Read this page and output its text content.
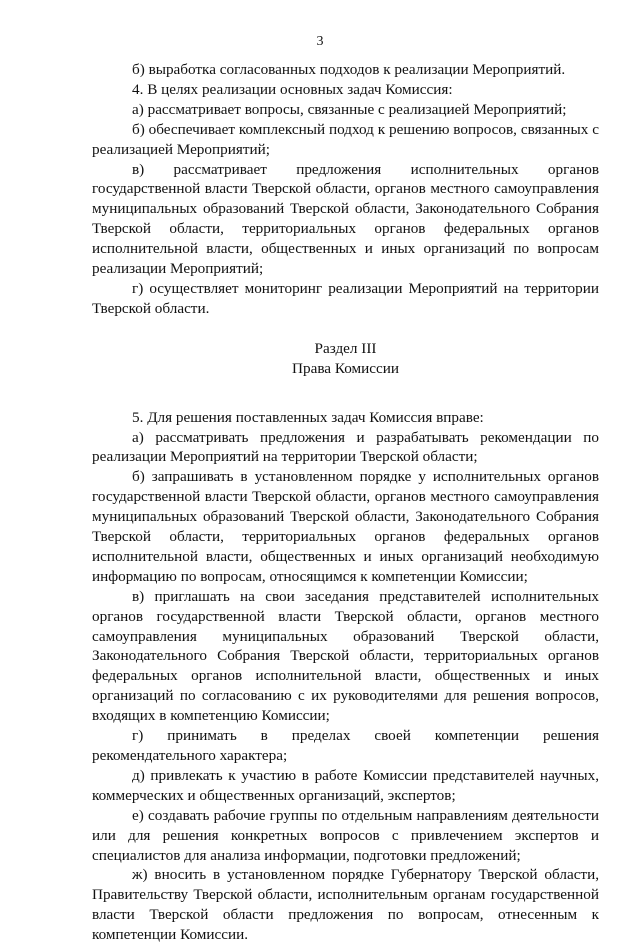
3

б) выработка согласованных подходов к реализации Мероприятий.

4. В целях реализации основных задач Комиссия:

а) рассматривает вопросы, связанные с реализацией Мероприятий;

б) обеспечивает комплексный подход к решению вопросов, связанных с реализацией Мероприятий;

в) рассматривает предложения исполнительных органов государственной власти Тверской области, органов местного самоуправления муниципальных образований Тверской области, Законодательного Собрания Тверской области, территориальных органов федеральных органов исполнительной власти, общественных и иных организаций по вопросам реализации Мероприятий;

г) осуществляет мониторинг реализации Мероприятий на территории Тверской области.

Раздел III

Права Комиссии

5. Для решения поставленных задач Комиссия вправе:

а) рассматривать предложения и разрабатывать рекомендации по реализации Мероприятий на территории Тверской области;

б) запрашивать в установленном порядке у исполнительных органов государственной власти Тверской области, органов местного самоуправления муниципальных образований Тверской области, Законодательного Собрания Тверской области, территориальных органов федеральных органов исполнительной власти, общественных и иных организаций необходимую информацию по вопросам, относящимся к компетенции Комиссии;

в) приглашать на свои заседания представителей исполнительных органов государственной власти Тверской области, органов местного самоуправления муниципальных образований Тверской области, Законодательного Собрания Тверской области, территориальных органов федеральных органов исполнительной власти, общественных и иных организаций по согласованию с их руководителями для решения вопросов, входящих в компетенцию Комиссии;

г) принимать в пределах своей компетенции решения рекомендательного характера;

д) привлекать к участию в работе Комиссии представителей научных, коммерческих и общественных организаций, экспертов;

е) создавать рабочие группы по отдельным направлениям деятельности или для решения конкретных вопросов с привлечением экспертов и специалистов для анализа информации, подготовки предложений;

ж) вносить в установленном порядке Губернатору Тверской области, Правительству Тверской области, исполнительным органам государственной власти Тверской области предложения по вопросам, отнесенным к компетенции Комиссии.
